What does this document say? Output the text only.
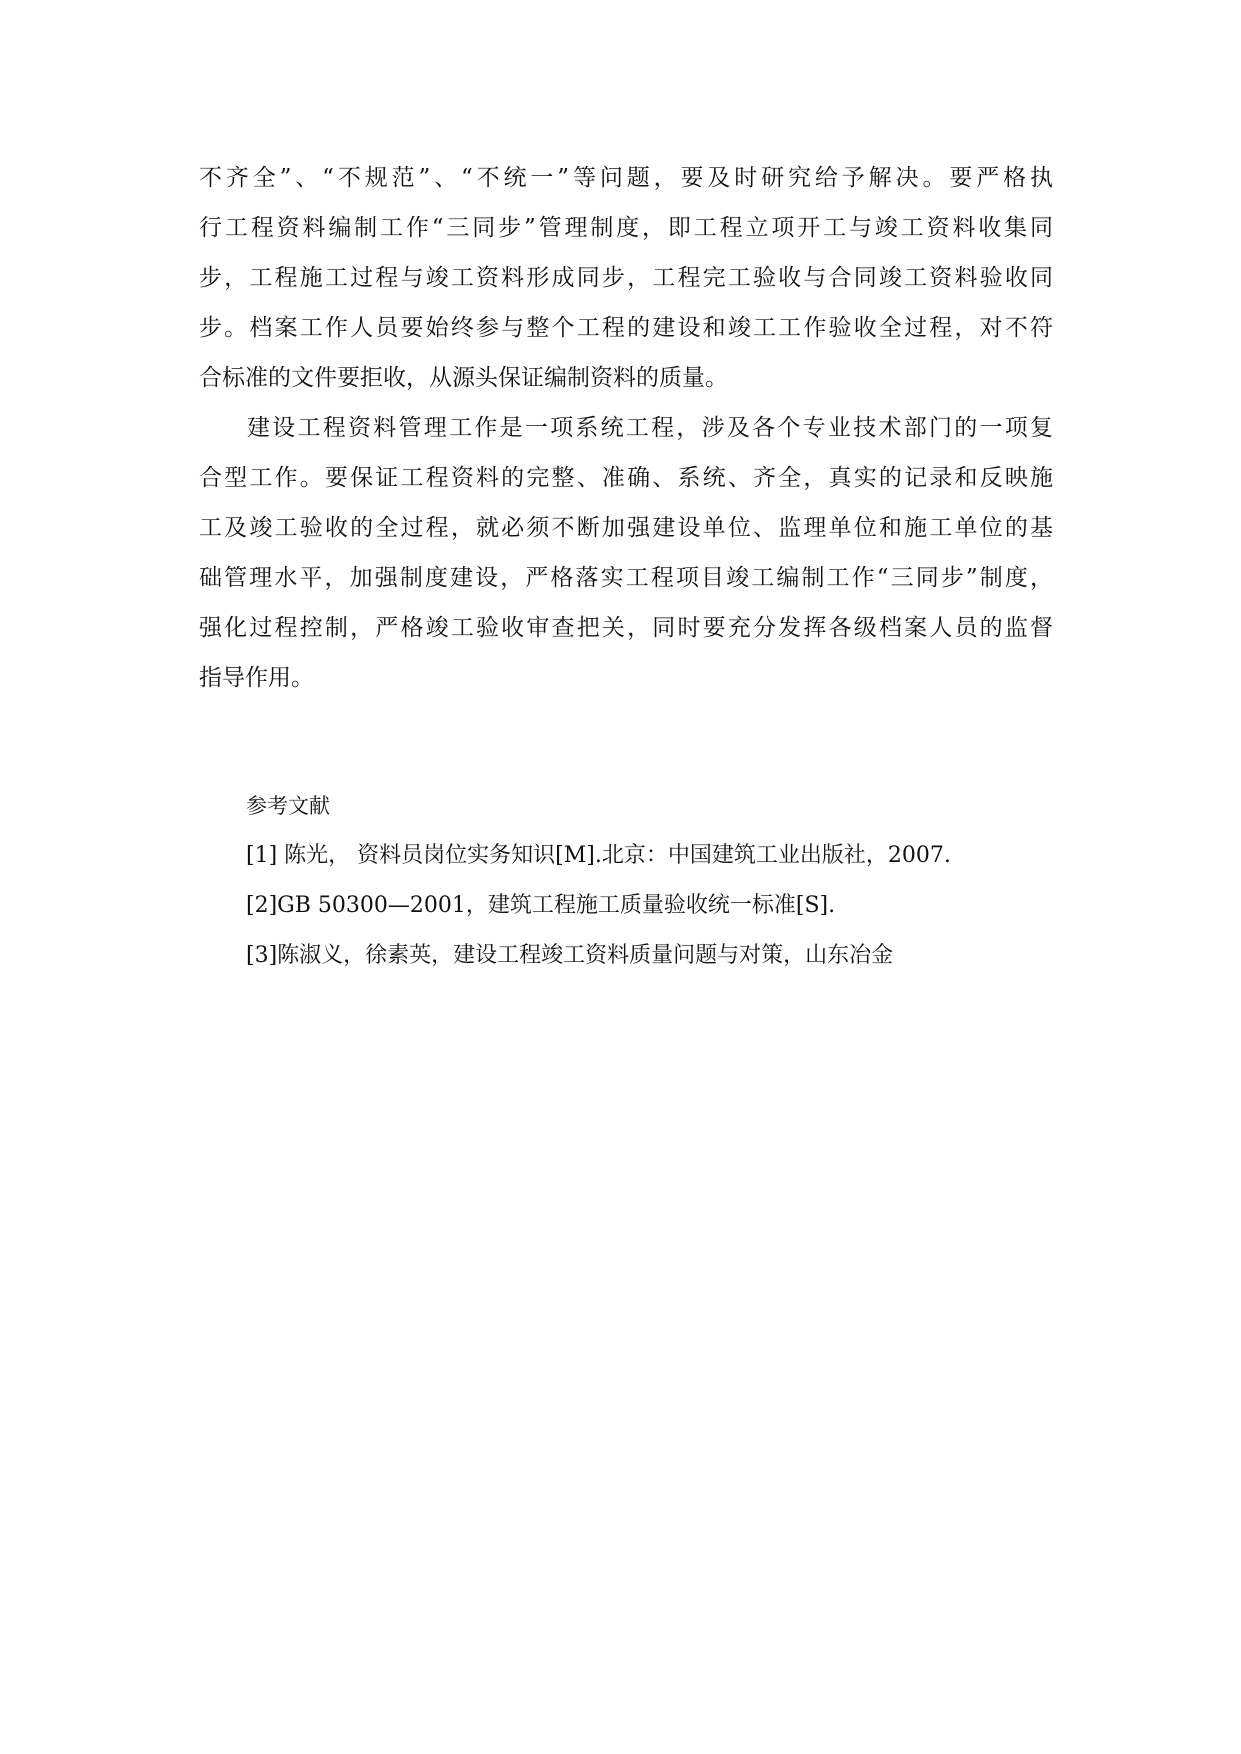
不齐全”、“不规范”、“不统一”等问题，要及时研究给予解决。要严格执
行工程资料编制工作“三同步”管理制度，即工程立项开工与竣工资料收集同
步，工程施工过程与竣工资料形成同步，工程完工验收与合同竣工资料验收同
步。档案工作人员要始终参与整个工程的建设和竣工工作验收全过程，对不符
合标准的文件要拒收，从源头保证编制资料的质量。
建设工程资料管理工作是一项系统工程，涉及各个专业技术部门的一项复
合型工作。要保证工程资料的完整、准确、系统、齐全，真实的记录和反映施
工及竣工验收的全过程，就必须不断加强建设单位、监理单位和施工单位的基
础管理水平，加强制度建设，严格落实工程项目竣工编制工作“三同步”制度，
强化过程控制，严格竣工验收审查把关，同时要充分发挥各级档案人员的监督
指导作用。
参考文献
[1] 陈光， 资料员岗位实务知识[M].北京：中国建筑工业出版社，2007.
[2]GB 50300—2001，建筑工程施工质量验收统一标准[S].
[3]陈淑义，徐素英，建设工程竣工资料质量问题与对策，山东冶金
